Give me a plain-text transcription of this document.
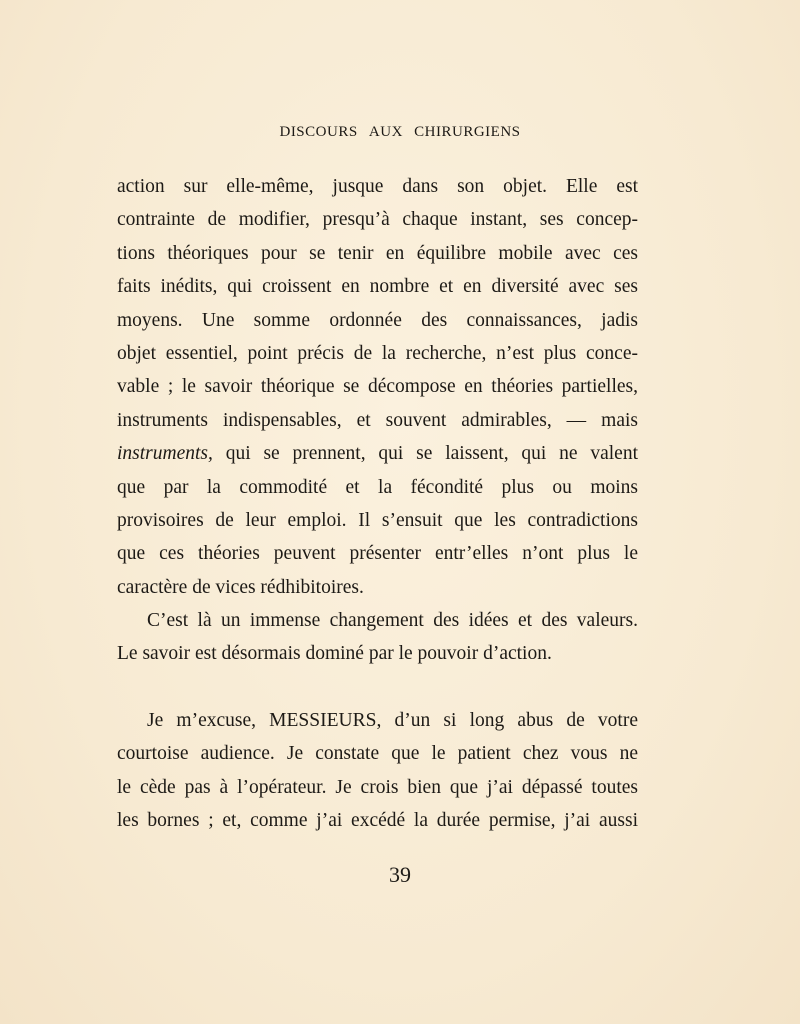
DISCOURS AUX CHIRURGIENS
action sur elle-même, jusque dans son objet. Elle est
contrainte de modifier, presqu’à chaque instant, ses concep-
tions théoriques pour se tenir en équilibre mobile avec ces
faits inédits, qui croissent en nombre et en diversité avec ses
moyens. Une somme ordonnée des connaissances, jadis
objet essentiel, point précis de la recherche, n’est plus conce-
vable ; le savoir théorique se décompose en théories partielles,
instruments indispensables, et souvent admirables, — mais
instruments, qui se prennent, qui se laissent, qui ne valent
que par la commodité et la fécondité plus ou moins
provisoires de leur emploi. Il s’ensuit que les contradictions
que ces théories peuvent présenter entr’elles n’ont plus le
caractère de vices rédhibitoires.
C’est là un immense changement des idées et des valeurs.
Le savoir est désormais dominé par le pouvoir d’action.
Je m’excuse, MESSIEURS, d’un si long abus de votre
courtoise audience. Je constate que le patient chez vous ne
le cède pas à l’opérateur. Je crois bien que j’ai dépassé toutes
les bornes ; et, comme j’ai excédé la durée permise, j’ai aussi
39
